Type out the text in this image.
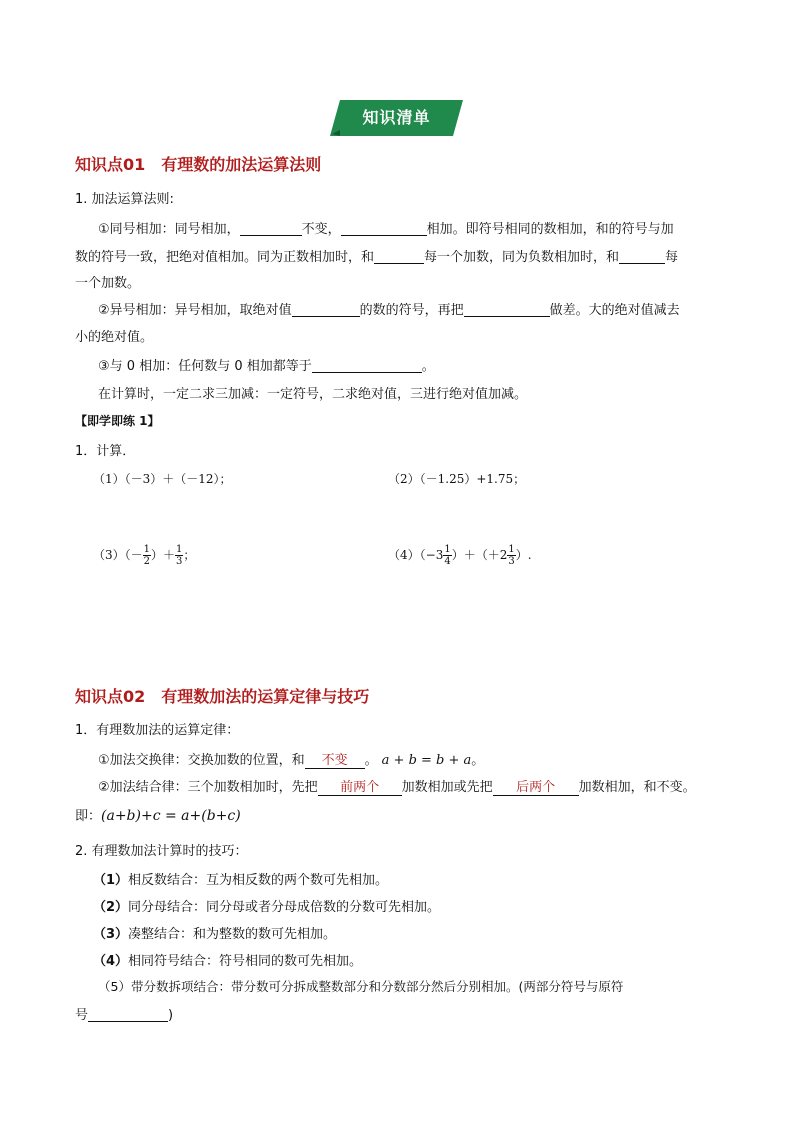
知识清单
知识点01　有理数的加法运算法则
1. 加法运算法则:
①同号相加：同号相加，	不变，	相加。即符号相同的数相加，和的符号与加
数的符号一致，把绝对值相加。同为正数相加时，和	每一个加数，同为负数相加时，和	每
一个加数。
②异号相加：异号相加，取绝对值	的数的符号，再把	做差。大的绝对值减去
小的绝对值。
③与 0 相加：任何数与 0 相加都等于	。
在计算时，一定二求三加减：一定符号，二求绝对值，三进行绝对值加减。
【即学即练 1】
1．计算．
（1）（－3）＋（－12）；	（2）（－1.25）+1.75；
$(3)(- \frac{1}{2}$ ）＋ $\frac{1}{3}$ ；	$(4)(-3 \frac{1}{4} )+(+2 \frac{1}{3}$ ）.
知识点02　有理数加法的运算定律与技巧
1．有理数加法的运算定律：
①加法交换律：交换加数的位置，和 不变 。 a + b = b + a。
②加法结合律：三个加数相加时，先把 前两个 加数相加或先把 后两个 加数相加，和不变。
即：(a+b)+c = a+(b+c)
2. 有理数加法计算时的技巧：
（1）相反数结合：互为相反数的两个数可先相加。
（2）同分母结合：同分母或者分母成倍数的分数可先相加。
（3）凑整结合：和为整数的数可先相加。
（4）相同符号结合：符号相同的数可先相加。
（5）带分数拆项结合：带分数可分拆成整数部分和分数部分然后分别相加。(两部分符号与原符
号	)
